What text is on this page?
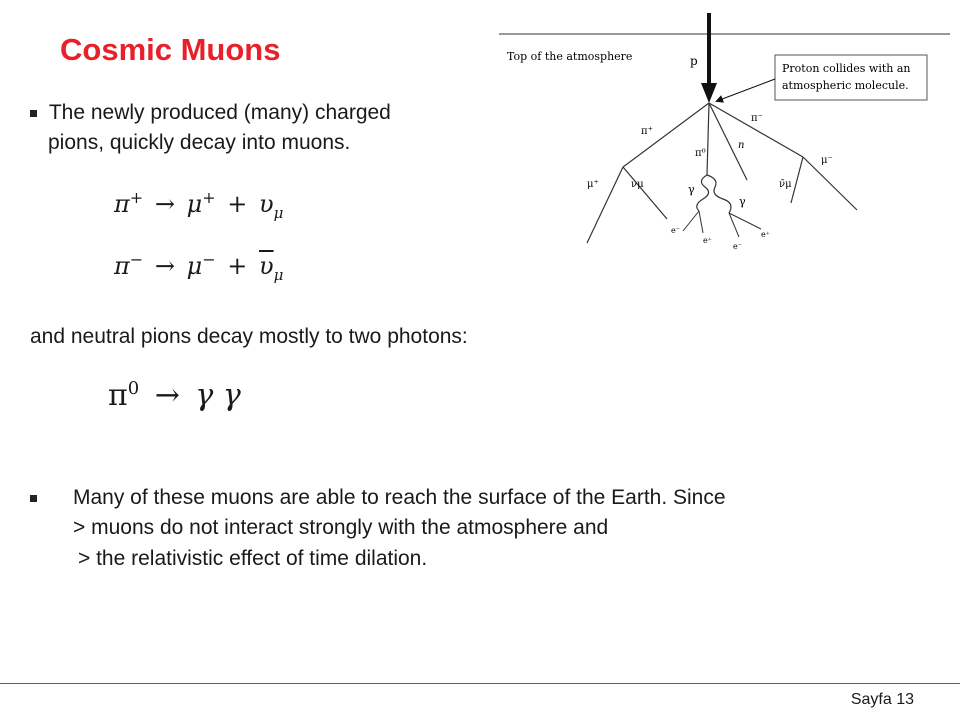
Cosmic Muons
The newly produced (many) charged
pions, quickly decay into muons.
$\pi^+ \to \mu^+ + \upsilon_\mu$
$\pi^- \to \mu^- + \overline{\upsilon}_\mu$
and neutral pions decay mostly to two photons:
$\pi^0 \to \gamma$ γ
Many of these muons are able to reach the surface of the Earth. Since
> muons do not interact strongly with the atmosphere and
> the relativistic effect of time dilation.
Top of the atmosphere	p
Proton collides with an
atmospheric molecule.
π⁺
π⁻
π⁰
n
μ⁺	νμ	ν̄μ
μ⁻
γ
γ
e⁻
e⁺
e⁻
e⁺
Sayfa 13
